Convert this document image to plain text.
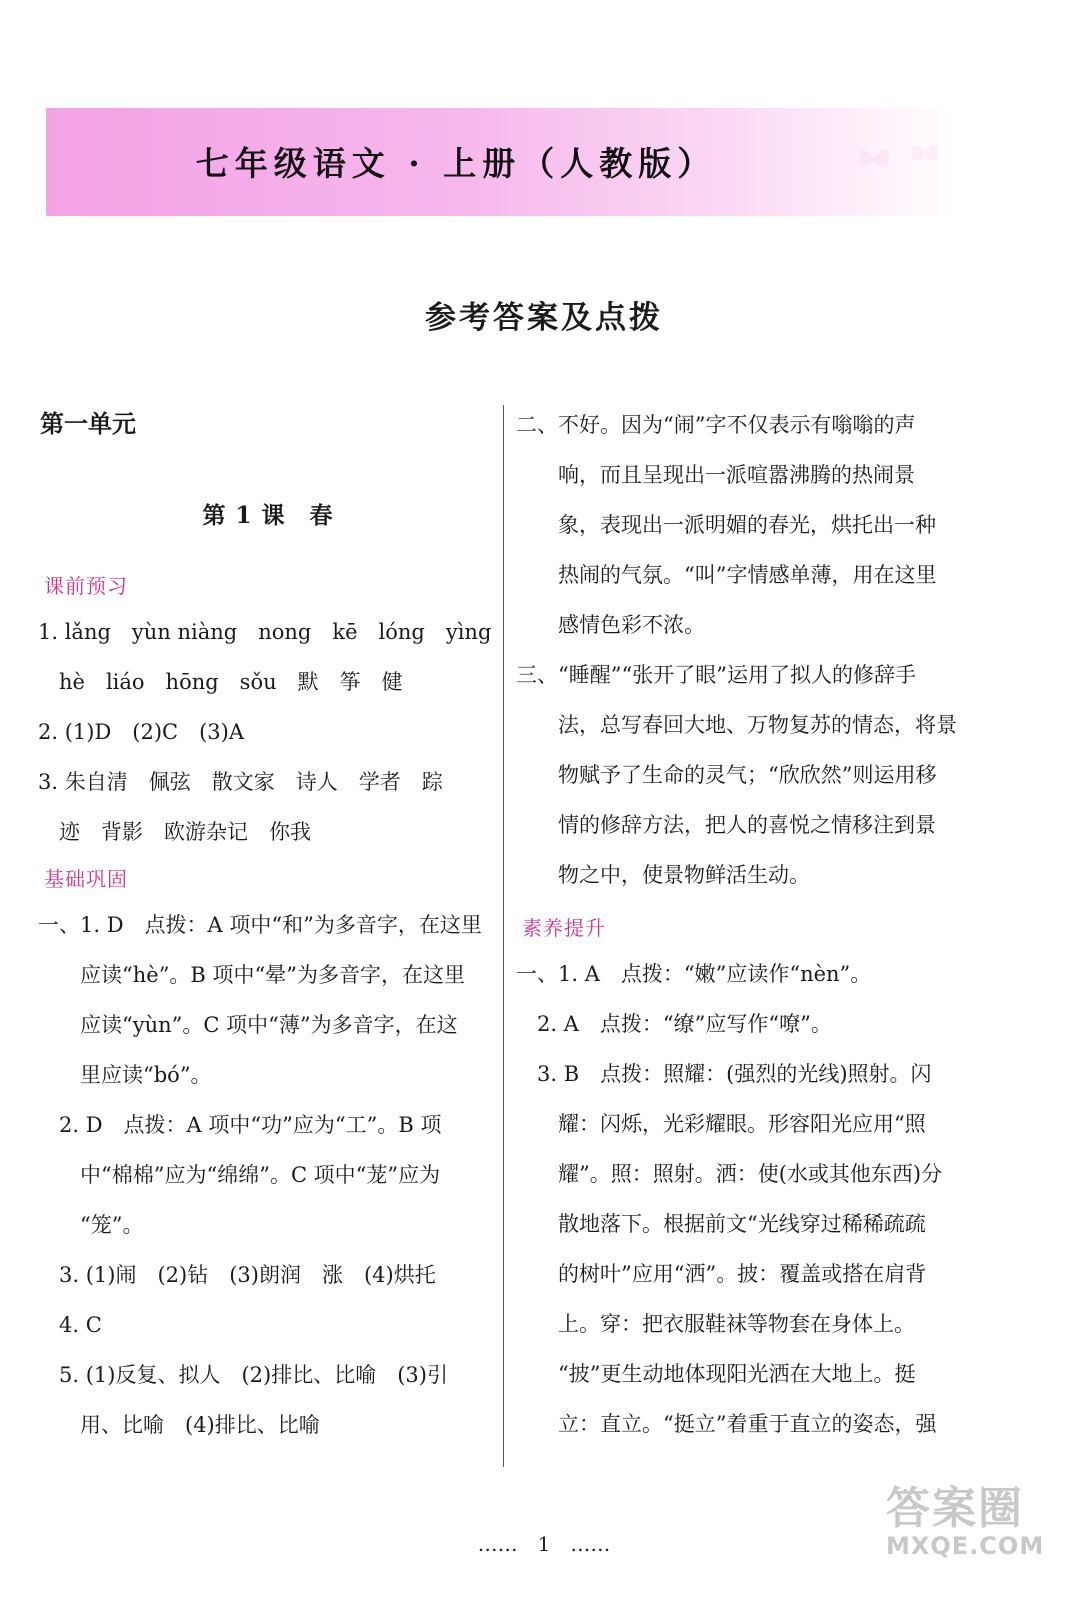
七年级语文 · 上册（人教版）
参考答案及点拨
第一单元
第 1 课　春
课前预习
1. lǎng　yùn niàng　nong　kē　lóng　yìng
　hè　liáo　hōng　sǒu　默　筝　健
2. (1)D　(2)C　(3)A
3. 朱自清　佩弦　散文家　诗人　学者　踪
　迹　背影　欧游杂记　你我
基础巩固
一、1. D　点拨：A 项中“和”为多音字，在这里
　　应读“hè”。B 项中“晕”为多音字，在这里
　　应读“yùn”。C 项中“薄”为多音字，在这
　　里应读“bó”。
　2. D　点拨：A 项中“功”应为“工”。B 项
　　中“棉棉”应为“绵绵”。C 项中“茏”应为
　　“笼”。
　3. (1)闹　(2)钻　(3)朗润　涨　(4)烘托
　4. C
　5. (1)反复、拟人　(2)排比、比喻　(3)引
　　用、比喻　(4)排比、比喻
二、不好。因为“闹”字不仅表示有嗡嗡的声
　　响，而且呈现出一派喧嚣沸腾的热闹景
　　象，表现出一派明媚的春光，烘托出一种
　　热闹的气氛。“叫”字情感单薄，用在这里
　　感情色彩不浓。
三、“睡醒”“张开了眼”运用了拟人的修辞手
　　法，总写春回大地、万物复苏的情态，将景
　　物赋予了生命的灵气；“欣欣然”则运用移
　　情的修辞方法，把人的喜悦之情移注到景
　　物之中，使景物鲜活生动。
素养提升
一、1. A　点拨：“嫩”应读作“nèn”。
　2. A　点拨：“缭”应写作“嘹”。
　3. B　点拨：照耀：(强烈的光线)照射。闪
　　耀：闪烁，光彩耀眼。形容阳光应用“照
　　耀”。照：照射。洒：使(水或其他东西)分
　　散地落下。根据前文“光线穿过稀稀疏疏
　　的树叶”应用“洒”。披：覆盖或搭在肩背
　　上。穿：把衣服鞋袜等物套在身体上。
　　“披”更生动地体现阳光洒在大地上。挺
　　立：直立。“挺立”着重于直立的姿态，强
……　1　……
答案圈
MXQE.COM
